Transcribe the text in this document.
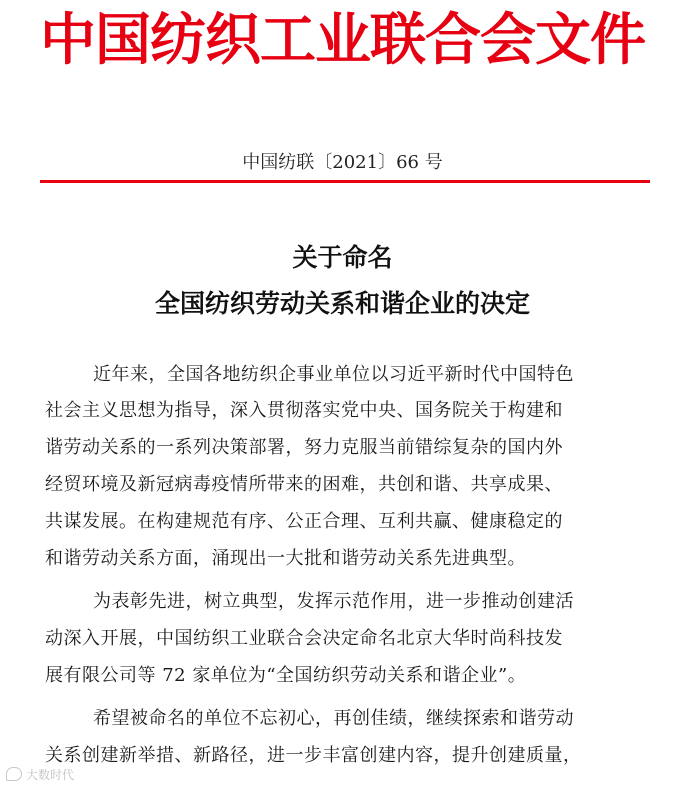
中国纺织工业联合会文件
中国纺联〔2021〕66 号
关于命名
全国纺织劳动关系和谐企业的决定
近年来，全国各地纺织企事业单位以习近平新时代中国特色
社会主义思想为指导，深入贯彻落实党中央、国务院关于构建和
谐劳动关系的一系列决策部署，努力克服当前错综复杂的国内外
经贸环境及新冠病毒疫情所带来的困难，共创和谐、共享成果、
共谋发展。在构建规范有序、公正合理、互利共赢、健康稳定的
和谐劳动关系方面，涌现出一大批和谐劳动关系先进典型。
为表彰先进，树立典型，发挥示范作用，进一步推动创建活
动深入开展，中国纺织工业联合会决定命名北京大华时尚科技发
展有限公司等 72 家单位为“全国纺织劳动关系和谐企业”。
希望被命名的单位不忘初心，再创佳绩，继续探索和谐劳动
关系创建新举措、新路径，进一步丰富创建内容，提升创建质量，
大数时代
